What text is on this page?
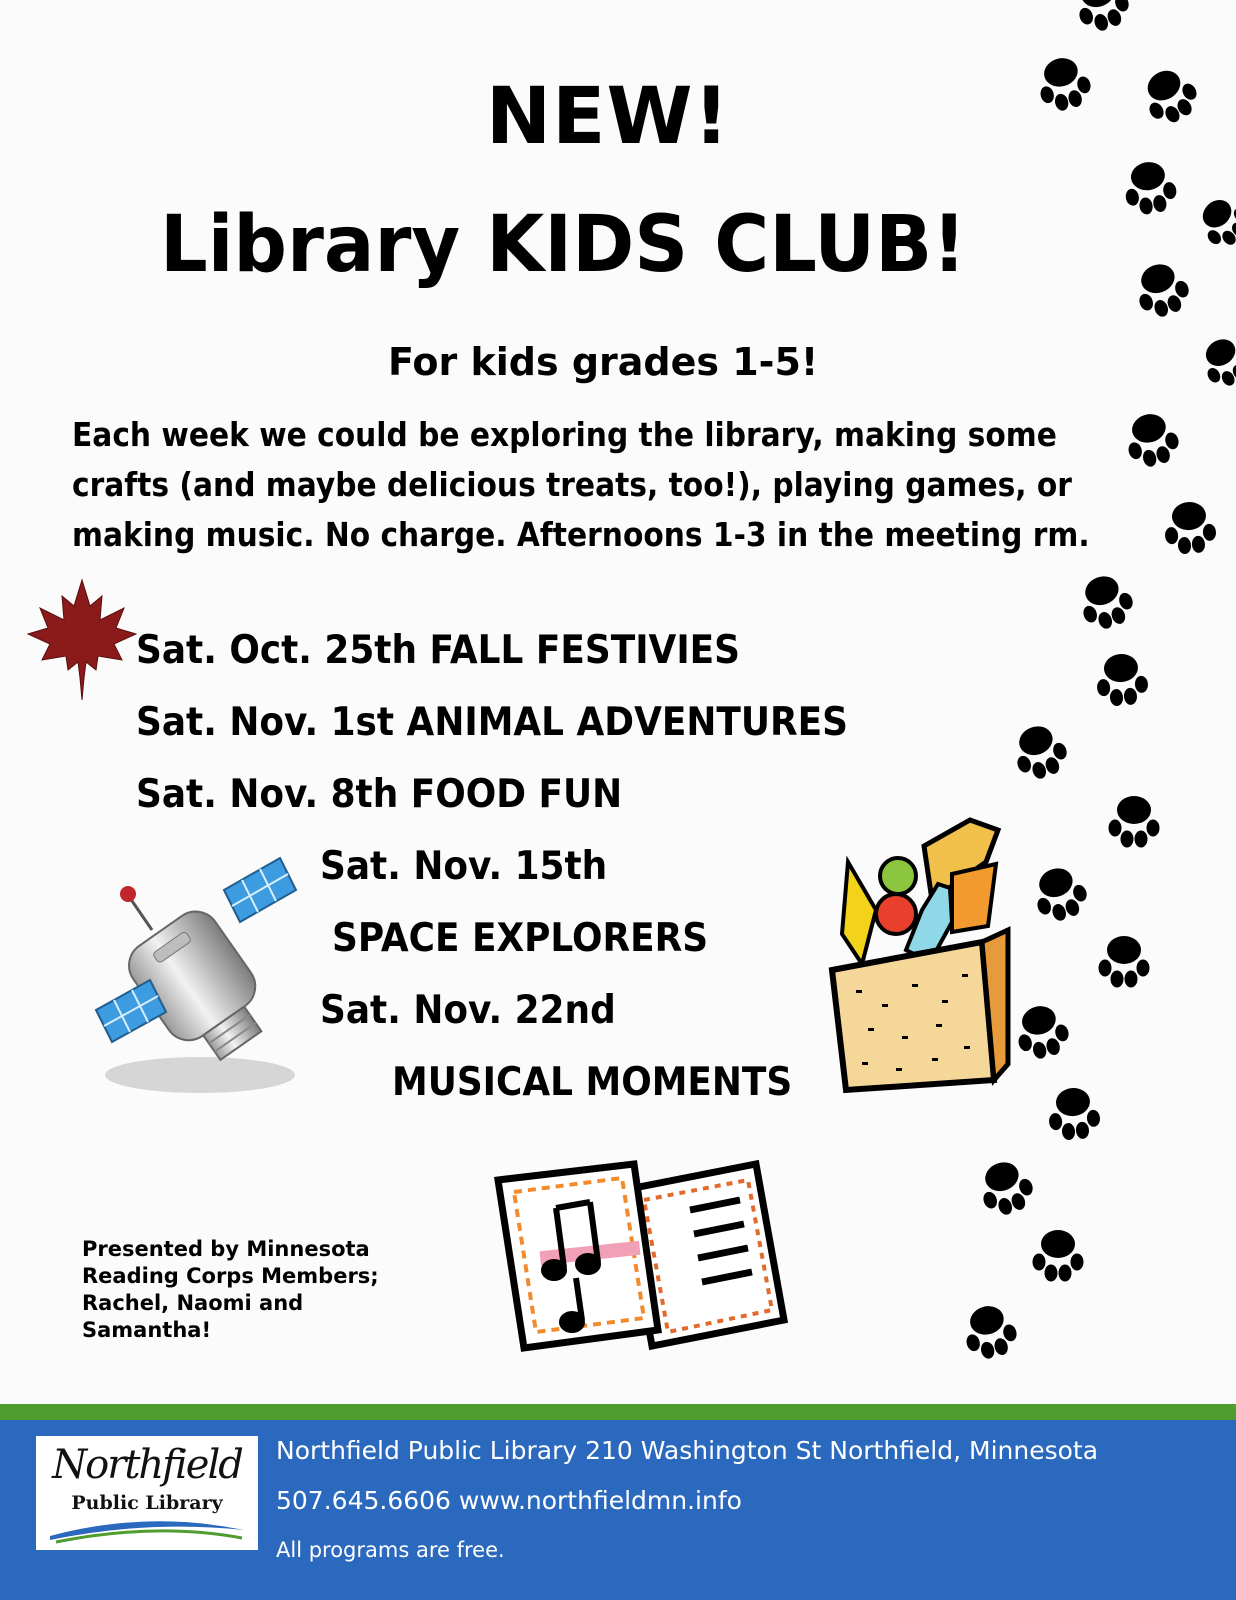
NEW!
Library KIDS CLUB!
For kids grades 1-5!
Each week we could be exploring the library, making some
crafts (and maybe delicious treats, too!), playing games, or
making music. No charge. Afternoons 1-3 in the meeting rm.
Sat. Oct. 25th FALL FESTIVIES
Sat. Nov. 1st ANIMAL ADVENTURES
Sat. Nov. 8th FOOD FUN
Sat. Nov. 15th
SPACE EXPLORERS
Sat. Nov. 22nd
MUSICAL MOMENTS
Presented by Minnesota
Reading Corps Members;
Rachel, Naomi and
Samantha!
Northfield
Public Library
Northfield Public Library 210 Washington St Northfield, Minnesota
507.645.6606 www.northfieldmn.info
All programs are free.
